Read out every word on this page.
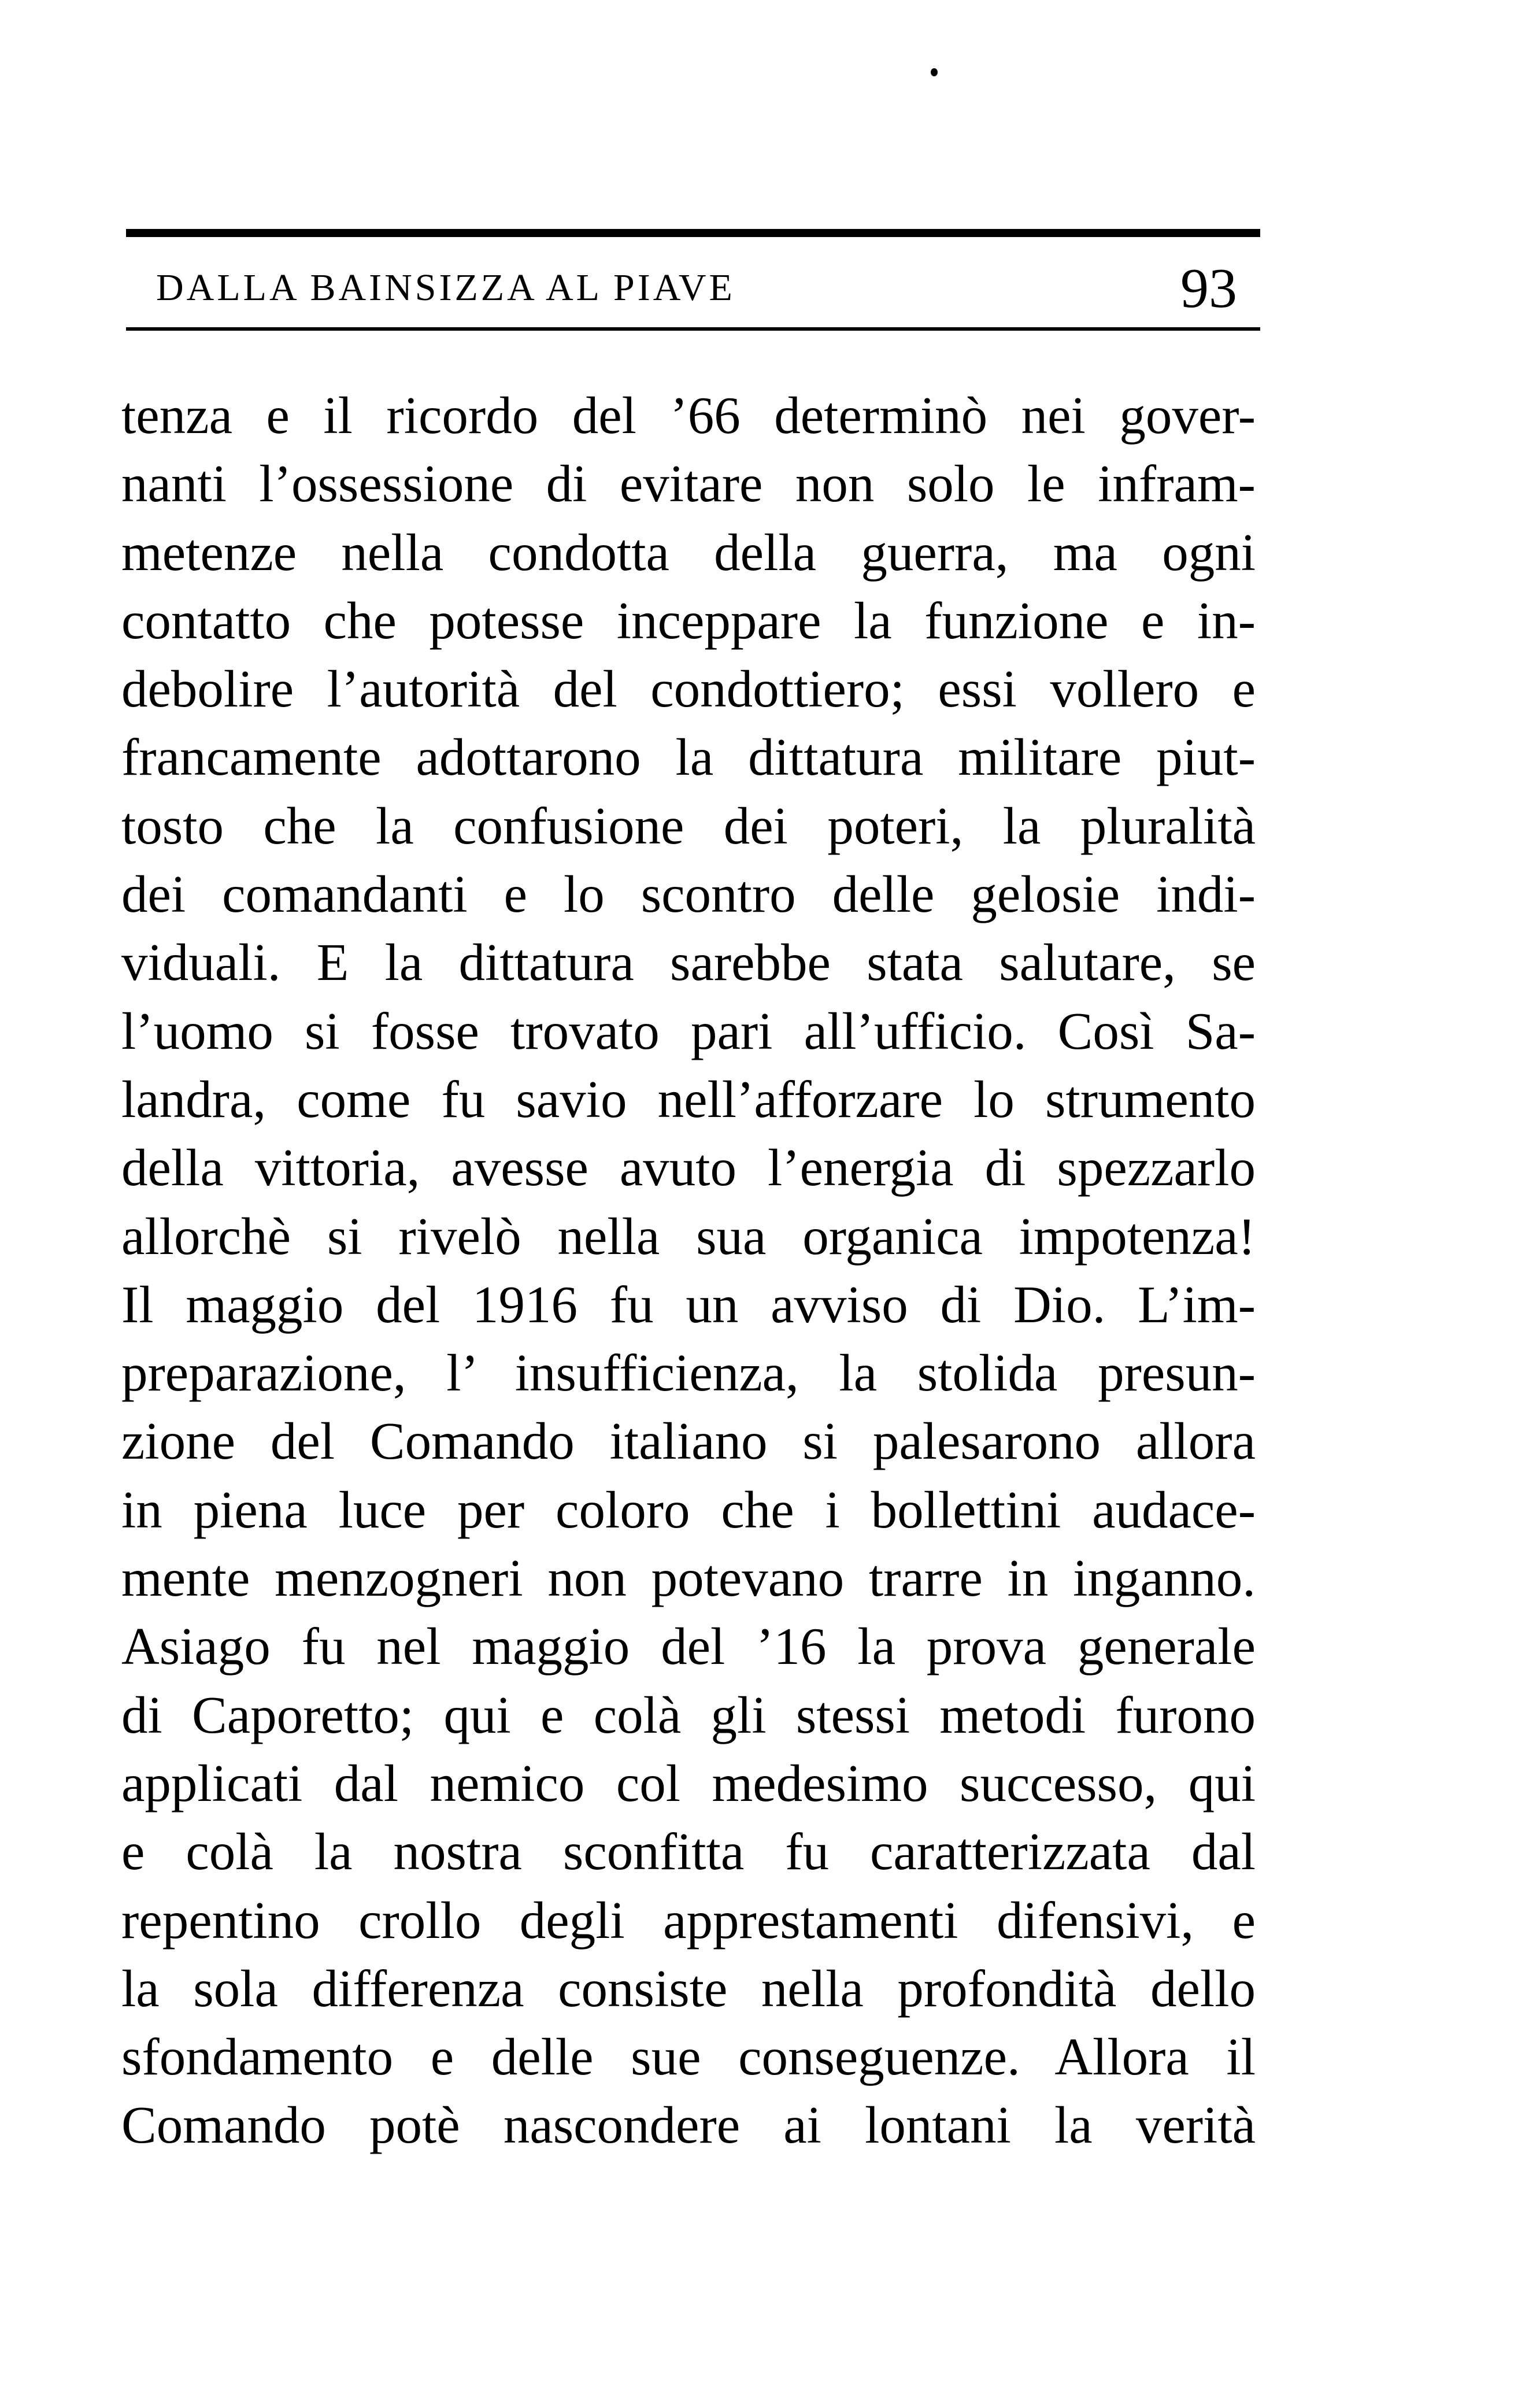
DALLA BAINSIZZA AL PIAVE	93
tenza e il ricordo del ’66 determinò nei gover-
nanti l’ossessione di evitare non solo le infram-
metenze nella condotta della guerra, ma ogni
contatto che potesse inceppare la funzione e in-
debolire l’autorità del condottiero; essi vollero e
francamente adottarono la dittatura militare piut-
tosto che la confusione dei poteri, la pluralità
dei comandanti e lo scontro delle gelosie indi-
viduali. E la dittatura sarebbe stata salutare, se
l’uomo si fosse trovato pari all’ufficio. Così Sa-
landra, come fu savio nell’afforzare lo strumento
della vittoria, avesse avuto l’energia di spezzarlo
allorchè si rivelò nella sua organica impotenza!
Il maggio del 1916 fu un avviso di Dio. L’im-
preparazione, l’ insufficienza, la stolida presun-
zione del Comando italiano si palesarono allora
in piena luce per coloro che i bollettini audace-
mente menzogneri non potevano trarre in inganno.
Asiago fu nel maggio del ’16 la prova generale
di Caporetto; qui e colà gli stessi metodi furono
applicati dal nemico col medesimo successo, qui
e colà la nostra sconfitta fu caratterizzata dal
repentino crollo degli apprestamenti difensivi, e
la sola differenza consiste nella profondità dello
sfondamento e delle sue conseguenze. Allora il
Comando potè nascondere ai lontani la verità
